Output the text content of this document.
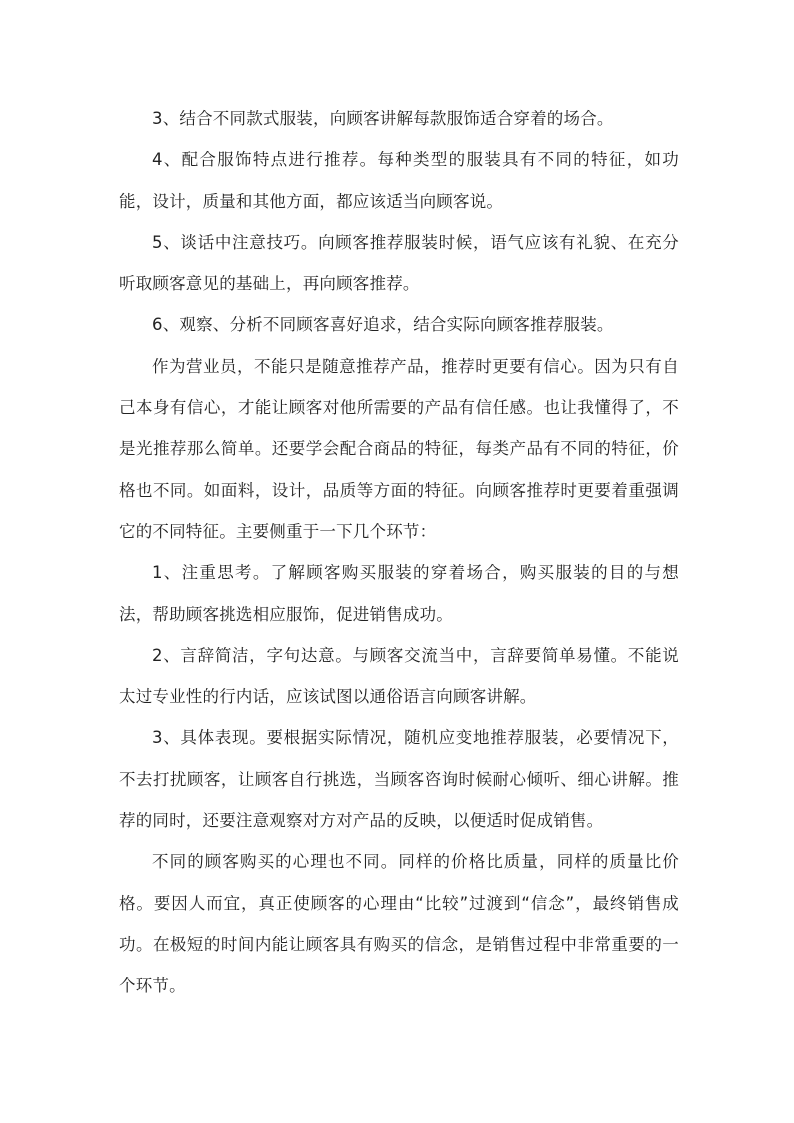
3、结合不同款式服装，向顾客讲解每款服饰适合穿着的场合。

4、配合服饰特点进行推荐。每种类型的服装具有不同的特征，如功能，设计，质量和其他方面，都应该适当向顾客说。

5、谈话中注意技巧。向顾客推荐服装时候，语气应该有礼貌、在充分听取顾客意见的基础上，再向顾客推荐。

6、观察、分析不同顾客喜好追求，结合实际向顾客推荐服装。

作为营业员，不能只是随意推荐产品，推荐时更要有信心。因为只有自己本身有信心，才能让顾客对他所需要的产品有信任感。也让我懂得了，不是光推荐那么简单。还要学会配合商品的特征，每类产品有不同的特征，价格也不同。如面料，设计，品质等方面的特征。向顾客推荐时更要着重强调它的不同特征。主要侧重于一下几个环节：

1、注重思考。了解顾客购买服装的穿着场合，购买服装的目的与想法，帮助顾客挑选相应服饰，促进销售成功。

2、言辞简洁，字句达意。与顾客交流当中，言辞要简单易懂。不能说太过专业性的行内话，应该试图以通俗语言向顾客讲解。

3、具体表现。要根据实际情况，随机应变地推荐服装，必要情况下，不去打扰顾客，让顾客自行挑选，当顾客咨询时候耐心倾听、细心讲解。推荐的同时，还要注意观察对方对产品的反映，以便适时促成销售。

不同的顾客购买的心理也不同。同样的价格比质量，同样的质量比价格。要因人而宜，真正使顾客的心理由“比较”过渡到“信念”，最终销售成功。在极短的时间内能让顾客具有购买的信念，是销售过程中非常重要的一个环节。
